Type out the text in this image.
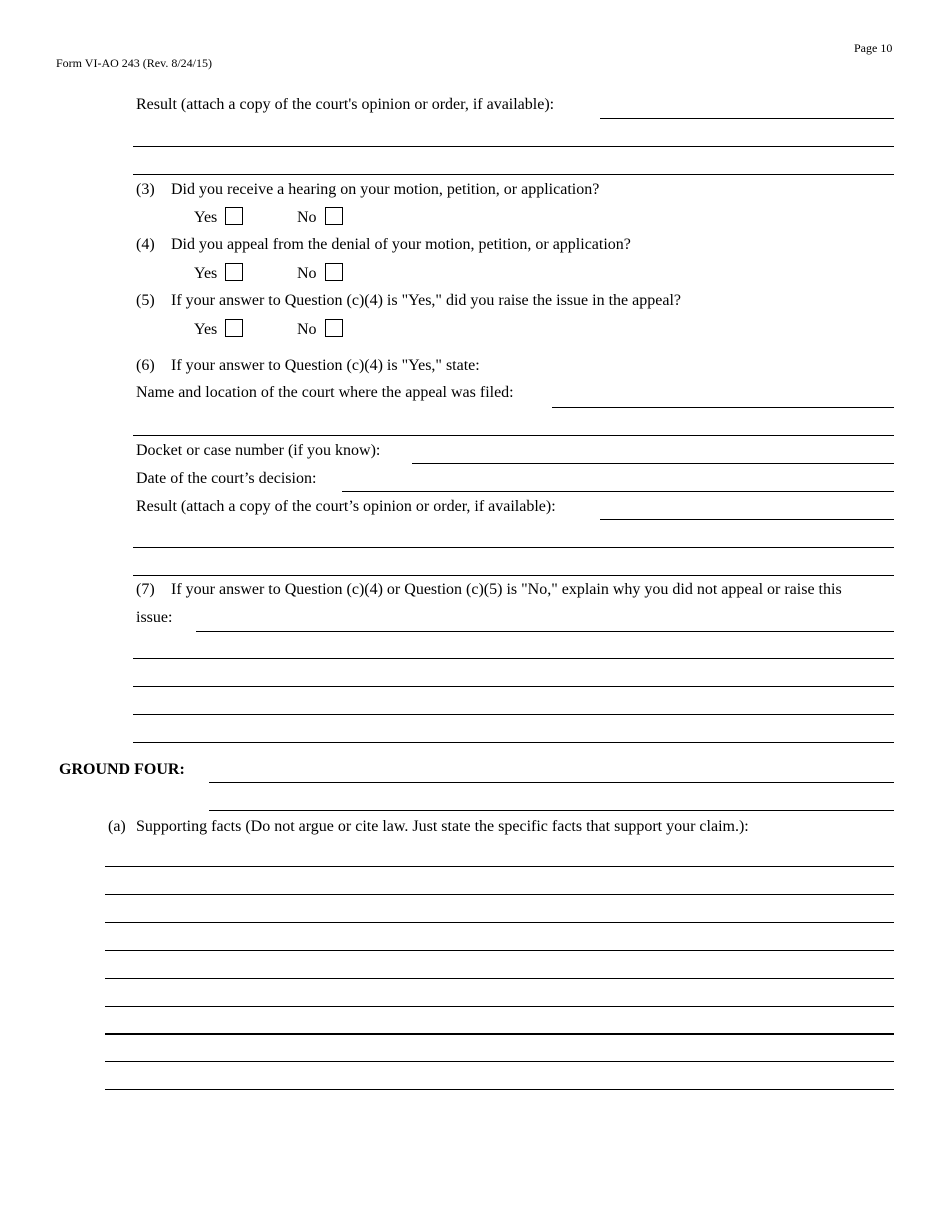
Page 10
Form VI-AO 243 (Rev. 8/24/15)
Result (attach a copy of the court's opinion or order, if available):
(3) Did you receive a hearing on your motion, petition, or application?
Yes	No
(4) Did you appeal from the denial of your motion, petition, or application?
Yes	No
(5) If your answer to Question (c)(4) is "Yes," did you raise the issue in the appeal?
Yes	No
(6) If your answer to Question (c)(4) is "Yes," state:
Name and location of the court where the appeal was filed:
Docket or case number (if you know):
Date of the court’s decision:
Result (attach a copy of the court’s opinion or order, if available):
(7) If your answer to Question (c)(4) or Question (c)(5) is "No," explain why you did not appeal or raise this
issue:
GROUND FOUR:
(a) Supporting facts (Do not argue or cite law. Just state the specific facts that support your claim.):
